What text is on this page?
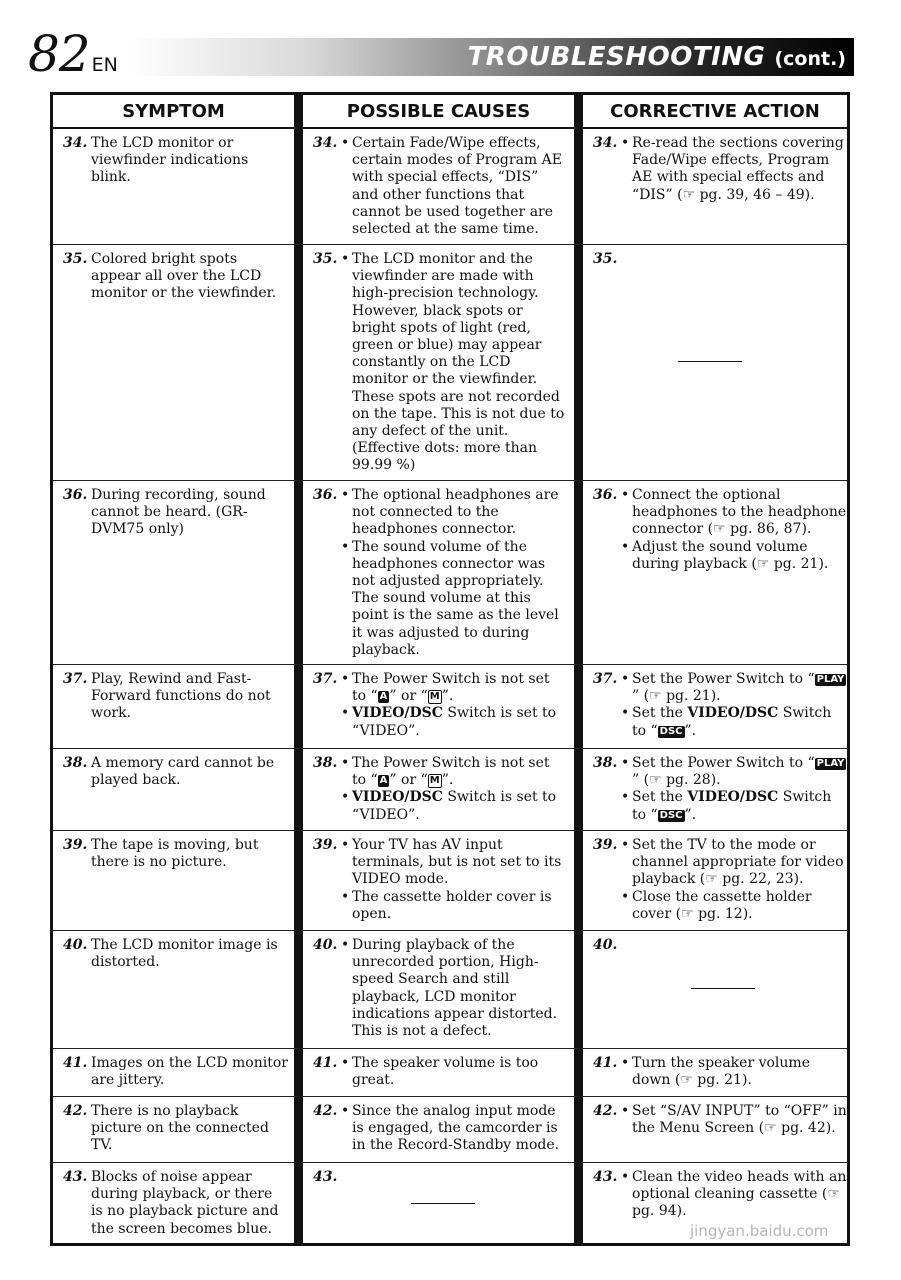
82 EN	TROUBLESHOOTING (cont.)
SYMPTOM	POSSIBLE CAUSES	CORRECTIVE ACTION
34. The LCD monitor or viewfinder indications blink.
34. • Certain Fade/Wipe effects, certain modes of Program AE with special effects, “DIS” and other functions that cannot be used together are selected at the same time.
34. • Re-read the sections covering Fade/Wipe effects, Program AE with special effects and “DIS” (☞ pg. 39, 46 – 49).
35. Colored bright spots appear all over the LCD monitor or the viewfinder.
35. • The LCD monitor and the viewfinder are made with high-precision technology. However, black spots or bright spots of light (red, green or blue) may appear constantly on the LCD monitor or the viewfinder. These spots are not recorded on the tape. This is not due to any defect of the unit. (Effective dots: more than 99.99 %)
35.
36. During recording, sound cannot be heard. (GR-DVM75 only)
36. • The optional headphones are not connected to the headphones connector.
• The sound volume of the headphones connector was not adjusted appropriately. The sound volume at this point is the same as the level it was adjusted to during playback.
36. • Connect the optional headphones to the headphone connector (☞ pg. 86, 87).
• Adjust the sound volume during playback (☞ pg. 21).
37. Play, Rewind and Fast-Forward functions do not work.
37. • The Power Switch is not set to “ A ” or “ M ”.
• VIDEO/DSC Switch is set to “VIDEO”.
37. • Set the Power Switch to “ PLAY” (☞ pg. 21).
• Set the VIDEO/DSC Switch to “ DSC ”.
38. A memory card cannot be played back.
38. • The Power Switch is not set to “ A ” or “ M ”.
• VIDEO/DSC Switch is set to “VIDEO”.
38. • Set the Power Switch to “ PLAY” (☞ pg. 28).
• Set the VIDEO/DSC Switch to “ DSC ”.
39. The tape is moving, but there is no picture.
39. • Your TV has AV input terminals, but is not set to its VIDEO mode.
• The cassette holder cover is open.
39. • Set the TV to the mode or channel appropriate for video playback (☞ pg. 22, 23).
• Close the cassette holder cover (☞ pg. 12).
40. The LCD monitor image is distorted.
40. • During playback of the unrecorded portion, High-speed Search and still playback, LCD monitor indications appear distorted. This is not a defect.
40.
41. Images on the LCD monitor are jittery.
41. • The speaker volume is too great.
41. • Turn the speaker volume down (☞ pg. 21).
42. There is no playback picture on the connected TV.
42. • Since the analog input mode is engaged, the camcorder is in the Record-Standby mode.
42. • Set “S/AV INPUT” to “OFF” in the Menu Screen (☞ pg. 42).
43. Blocks of noise appear during playback, or there is no playback picture and the screen becomes blue.
43.	43. • Clean the video heads with an optional cleaning cassette (☞ pg. 94).
jingyan.baidu.com
